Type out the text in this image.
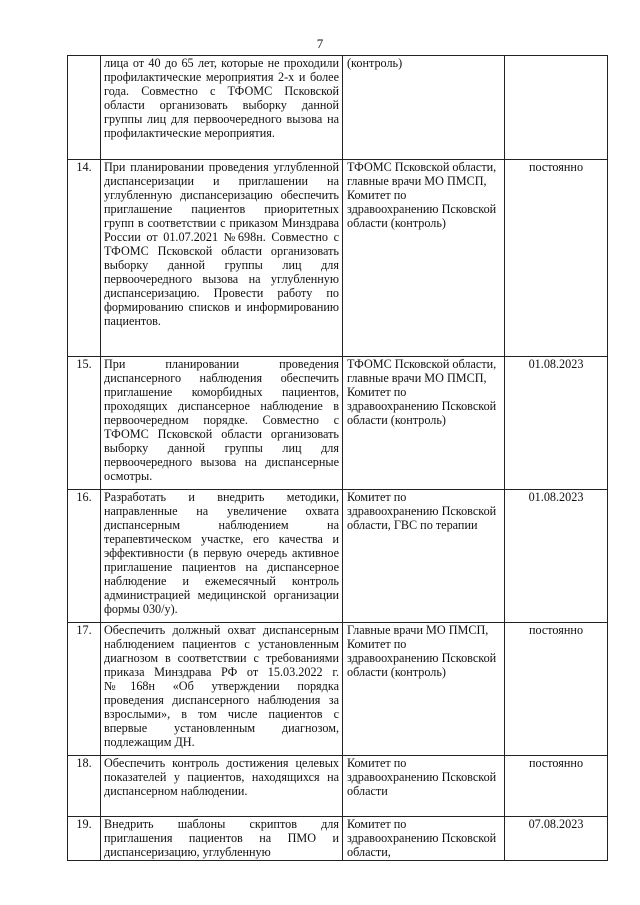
7

	лица от 40 до 65 лет, которые не проходили профилактические мероприятия 2-х и более года. Совместно с ТФОМС Псковской области организовать выборку данной группы лиц для первоочередного вызова на профилактические мероприятия.	(контроль)	

14.	При планировании проведения углубленной диспансеризации и приглашении на углубленную диспансеризацию обеспечить приглашение пациентов приоритетных групп в соответствии с приказом Минздрава России от 01.07.2021 №698н. Совместно с ТФОМС Псковской области организовать выборку данной группы лиц для первоочередного вызова на углубленную диспансеризацию. Провести работу по формированию списков и информированию пациентов.	ТФОМС Псковской области, главные врачи МО ПМСП, Комитет по здравоохранению Псковской области (контроль)	постоянно
15.	При планировании проведения диспансерного наблюдения обеспечить приглашение коморбидных пациентов, проходящих диспансерное наблюдение в первоочередном порядке. Совместно с ТФОМС Псковской области организовать выборку данной группы лиц для первоочередного вызова на диспансерные осмотры.	ТФОМС Псковской области, главные врачи МО ПМСП, Комитет по здравоохранению Псковской области (контроль)	01.08.2023
16.	Разработать и внедрить методики, направленные на увеличение охвата диспансерным наблюдением на терапевтическом участке, его качества и эффективности (в первую очередь активное приглашение пациентов на диспансерное наблюдение и ежемесячный контроль администрацией медицинской организации формы 030/у).	Комитет по здравоохранению Псковской области, ГВС по терапии	01.08.2023
17.	Обеспечить должный охват диспансерным наблюдением пациентов с установленным диагнозом в соответствии с требованиями приказа Минздрава РФ от 15.03.2022 г. №168н «Об утверждении порядка проведения диспансерного наблюдения за взрослыми», в том числе пациентов с впервые установленным диагнозом, подлежащим ДН.	Главные врачи МО ПМСП, Комитет по здравоохранению Псковской области (контроль)	постоянно
18.	Обеспечить контроль достижения целевых показателей у пациентов, находящихся на диспансерном наблюдении.	Комитет по здравоохранению Псковской области	постоянно
19.	Внедрить шаблоны скриптов для приглашения пациентов на ПМО и диспансеризацию, углубленную	Комитет по здравоохранению Псковской области,	07.08.2023
